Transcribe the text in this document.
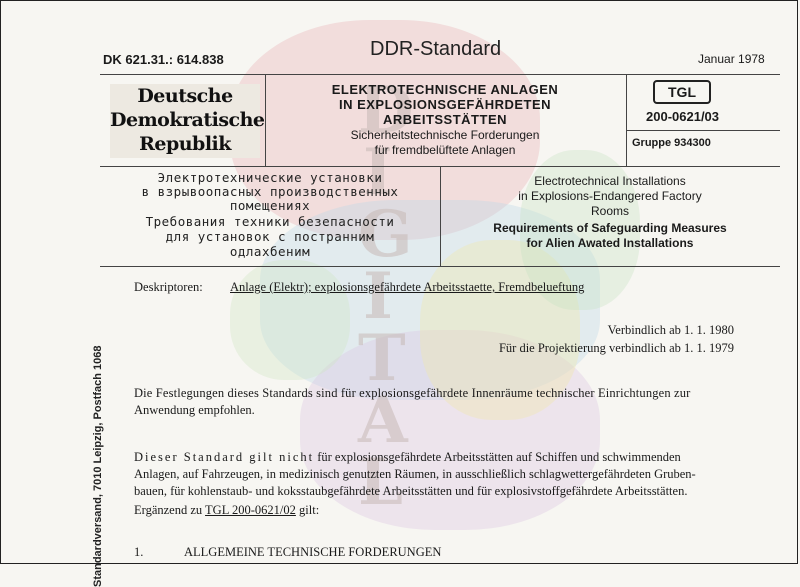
D
I
G
I
T
A
L
DDR-Standard
DK 621.31.: 614.838	Januar 1978
Deutsche
Demokratische
Republik
ELEKTROTECHNISCHE ANLAGEN
IN EXPLOSIONSGEFÄHRDETEN
ARBEITSSTÄTTEN
Sicherheitstechnische Forderungen
für fremdbelüftete Anlagen
TGL
200-0621/03
Gruppe 934300
Электротехнические установки
в взрывоопасных производственных
помещениях
Требования техники безепасности
для установок с постранним
одлахбеним
Electrotechnical Installations
in Explosions-Endangered Factory
Rooms
Requirements of Safeguarding Measures
for Alien Awated Installations
Deskriptoren: Anlage (Elektr); explosionsgefährdete Arbeitsstaette, Fremdbelueftung
Verbindlich ab 1. 1. 1980
Für die Projektierung verbindlich ab 1. 1. 1979
Die Festlegungen dieses Standards sind für explosionsgefährdete Innenräume technischer Einrichtungen zur
Anwendung empfohlen.
Dieser Standard gilt nicht für explosionsgefährdete Arbeitsstätten auf Schiffen und schwimmenden
Anlagen, auf Fahrzeugen, in medizinisch genutzten Räumen, in ausschließlich schlagwettergefährdeten Gruben-
bauen, für kohlenstaub- und koksstaubgefährdete Arbeitsstätten und für explosivstoffgefährdete Arbeitsstätten.
Ergänzend zu TGL 200-0621/02 gilt:
1.	ALLGEMEINE TECHNISCHE FORDERUNGEN
Standardversand, 7010 Leipzig, Postfach 1068
